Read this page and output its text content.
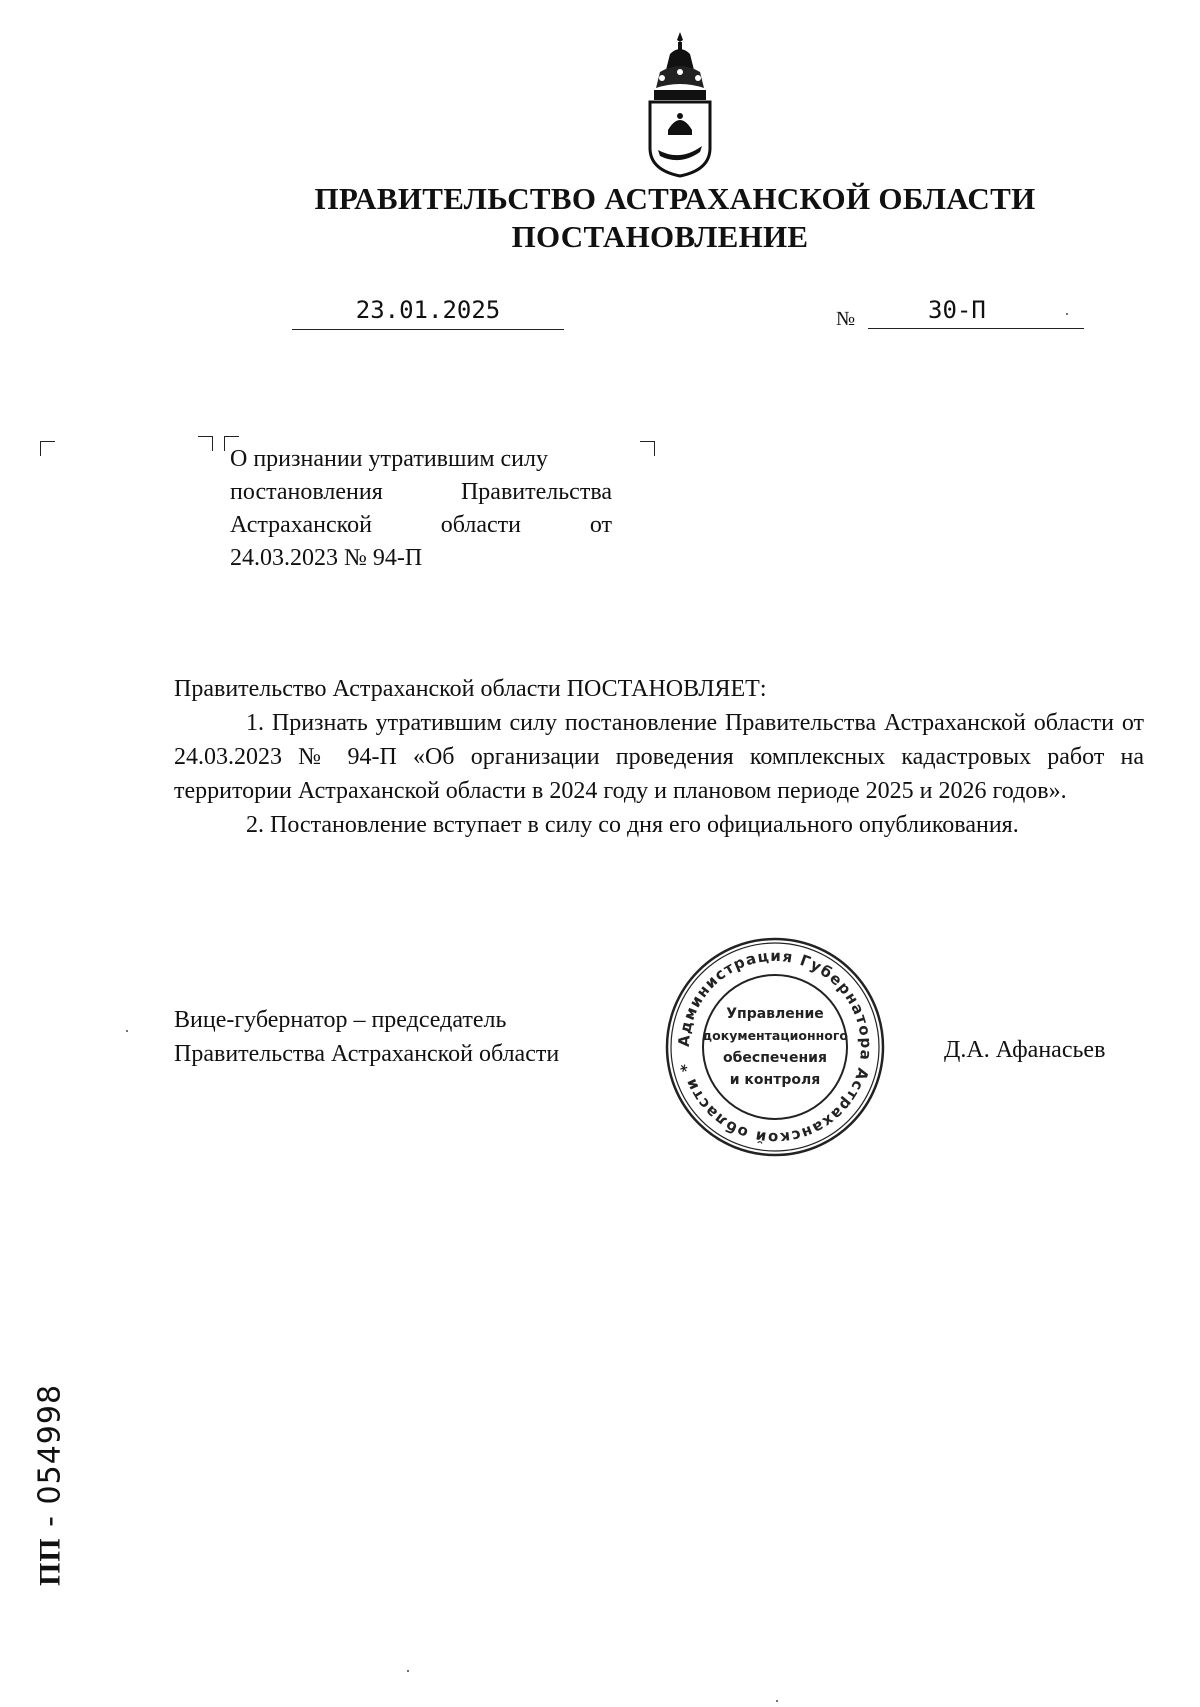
ПРАВИТЕЛЬСТВО АСТРАХАНСКОЙ ОБЛАСТИ
ПОСТАНОВЛЕНИЕ
23.01.2025	№	30-П
О признании утратившим силу
постановления Правительства
Астраханской области от
24.03.2023 № 94-П

Правительство Астраханской области ПОСТАНОВЛЯЕТ:

1. Признать утратившим силу постановление Правительства Астраханской области от 24.03.2023 № 94-П «Об организации проведения комплексных кадастровых работ на территории Астраханской области в 2024 году и плановом периоде 2025 и 2026 годов».

2. Постановление вступает в силу со дня его официального опубликования.

Вице-губернатор – председатель
Правительства Астраханской области
Администрация Губернатора Астраханской области *
Управление
документационного
обеспечения
и контроля
Д.А. Афанасьев
ПП - 054998
